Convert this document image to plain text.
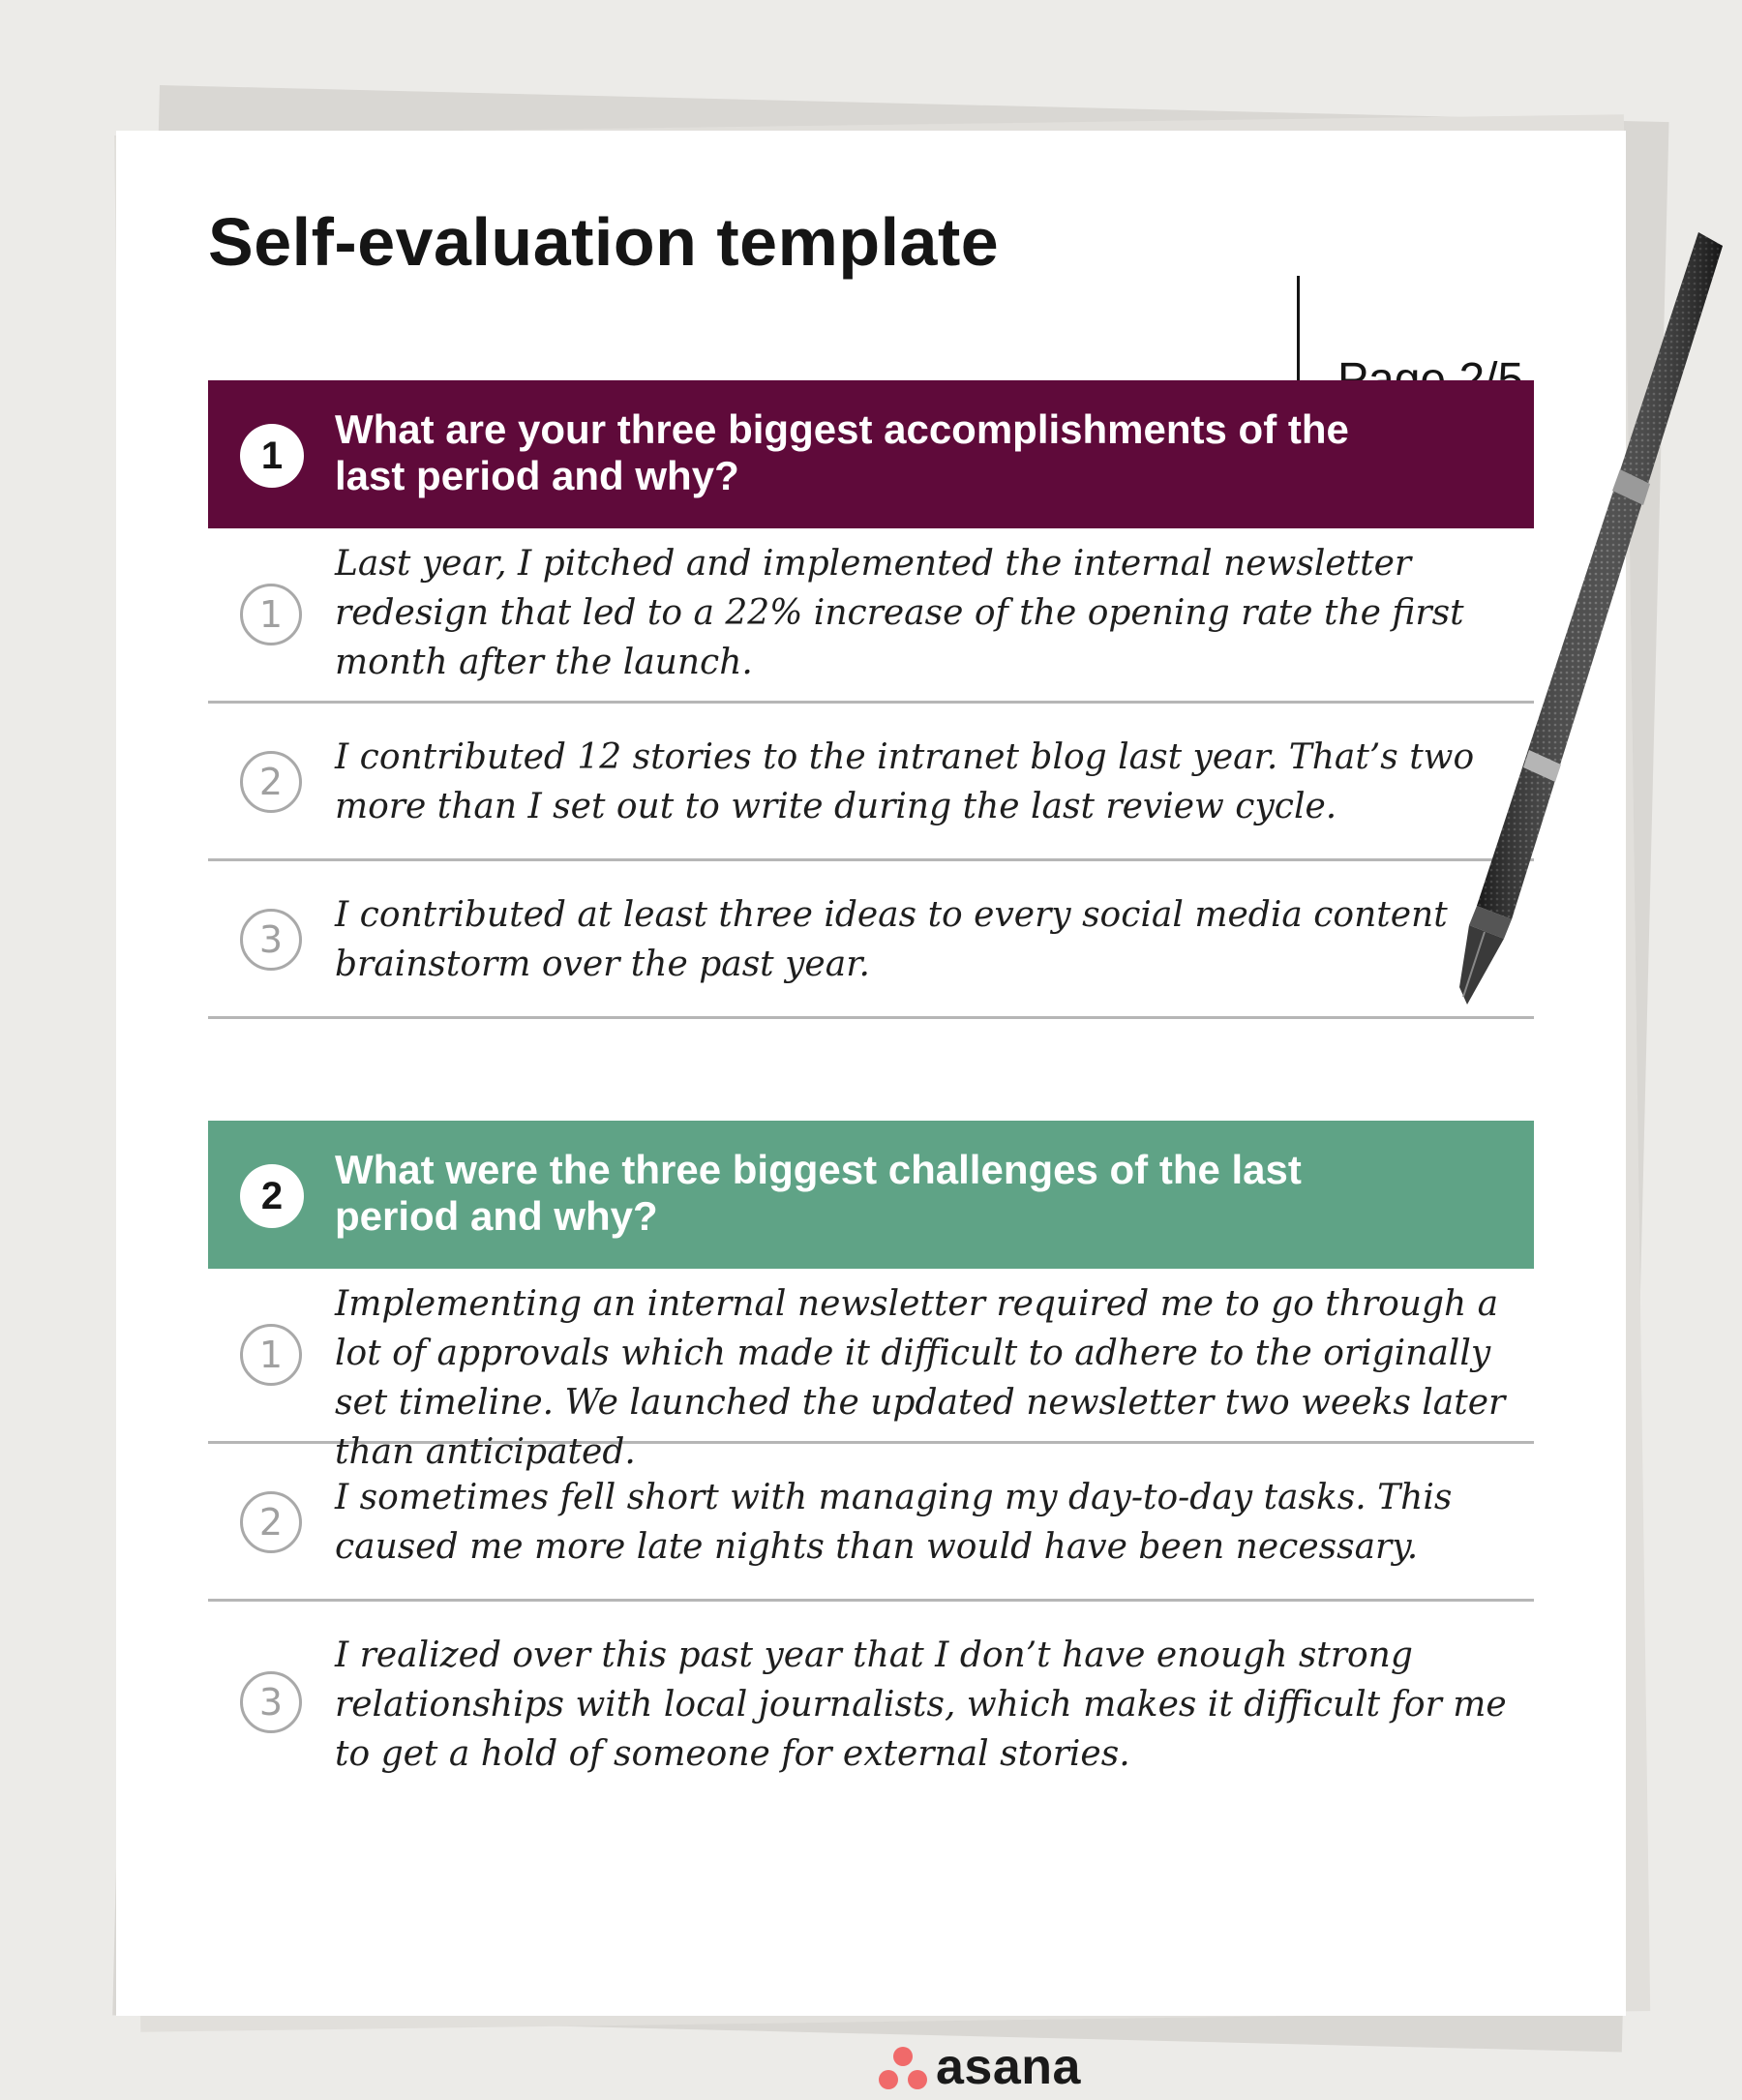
Self-evaluation template
1
What are your three biggest accomplishments of the last period and why?
1
Last year, I pitched and implemented the internal newsletter redesign that led to a 22% increase of the opening rate the first month after the launch.
2
I contributed 12 stories to the intranet blog last year. That’s two more than I set out to write during the last review cycle.
3
I contributed at least three ideas to every social media content brainstorm over the past year.
2
What were the three biggest challenges of the last period and why?
1
Implementing an internal newsletter required me to go through a lot of approvals which made it difficult to adhere to the originally set timeline. We launched the updated newsletter two weeks later than anticipated.
2
I sometimes fell short with managing my day-to-day tasks. This caused me more late nights than would have been necessary.
3
I realized over this past year that I don’t have enough strong relationships with local journalists, which makes it difficult for me to get a hold of someone for external stories.
asana
